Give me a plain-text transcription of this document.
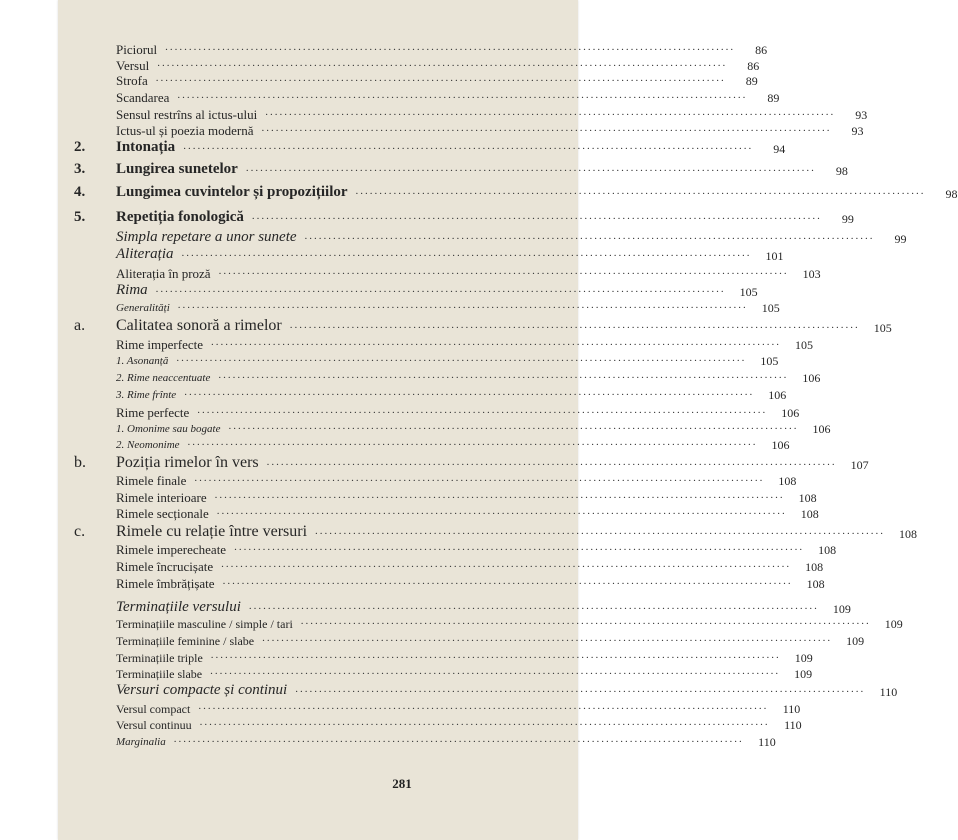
Piciorul ........................................................................................................................	86
Versul ........................................................................................................................	86
Strofa ........................................................................................................................	89
Scandarea ........................................................................................................................	89
Sensul restrîns al ictus-ului ........................................................................................................................	93
Ictus-ul și poezia modernă ........................................................................................................................	93
2. Intonația ........................................................................................................................	94
3. Lungirea sunetelor ........................................................................................................................	98
4. Lungimea cuvintelor și propozițiilor ........................................................................................................................	98
5. Repetiția fonologică ........................................................................................................................	99
Simpla repetare a unor sunete ........................................................................................................................	99
Aliterația ........................................................................................................................	101
Aliterația în proză ........................................................................................................................	103
Rima ........................................................................................................................	105
Generalități ........................................................................................................................	105
a. Calitatea sonoră a rimelor ........................................................................................................................	105
Rime imperfecte ........................................................................................................................	105
1. Asonanță ........................................................................................................................	105
2. Rime neaccentuate ........................................................................................................................	106
3. Rime frînte ........................................................................................................................	106
Rime perfecte ........................................................................................................................	106
1. Omonime sau bogate ........................................................................................................................	106
2. Neomonime ........................................................................................................................	106
b. Poziția rimelor în vers ........................................................................................................................	107
Rimele finale ........................................................................................................................	108
Rimele interioare ........................................................................................................................	108
Rimele secționale ........................................................................................................................	108
c. Rimele cu relație între versuri ........................................................................................................................	108
Rimele imperecheate ........................................................................................................................	108
Rimele încrucișate ........................................................................................................................	108
Rimele îmbrățișate ........................................................................................................................	108
Terminațiile versului ........................................................................................................................	109
Terminațiile masculine / simple / tari ........................................................................................................................	109
Terminațiile feminine / slabe ........................................................................................................................	109
Terminațiile triple ........................................................................................................................	109
Terminațiile slabe ........................................................................................................................	109
Versuri compacte și continui ........................................................................................................................	110
Versul compact ........................................................................................................................	110
Versul continuu ........................................................................................................................	110
Marginalia ........................................................................................................................	110
281
